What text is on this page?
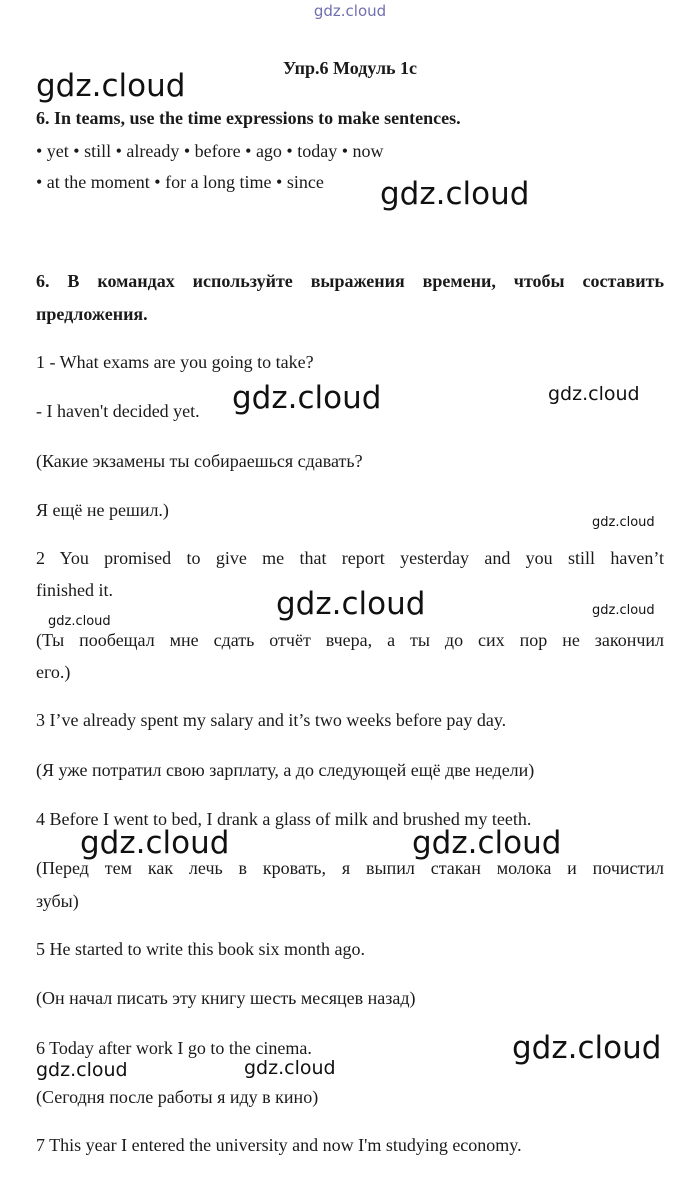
gdz.cloud
Упр.6 Модуль 1с
6. In teams, use the time expressions to make sentences.
• yet • still • already • before • ago • today • now
• at the moment • for a long time • since
6. В командах используйте выражения времени, чтобы составить
предложения.
1 - What exams are you going to take?
- I haven't decided yet.
(Какие экзамены ты собираешься сдавать?
Я ещё не решил.)
2 You promised to give me that report yesterday and you still haven’t
finished it.
(Ты пообещал мне сдать отчёт вчера, а ты до сих пор не закончил
его.)
3 I’ve already spent my salary and it’s two weeks before pay day.
(Я уже потратил свою зарплату, а до следующей ещё две недели)
4 Before I went to bed, I drank a glass of milk and brushed my teeth.
(Перед тем как лечь в кровать, я выпил стакан молока и почистил
зубы)
5 He started to write this book six month ago.
(Он начал писать эту книгу шесть месяцев назад)
6 Today after work I go to the cinema.
(Сегодня после работы я иду в кино)
7 This year I entered the university and now I'm studying economy.
gdz.cloud
gdz.cloud
gdz.cloud	gdz.cloud
gdz.cloud
gdz.cloud	gdz.cloud
gdz.cloud
gdz.cloud	gdz.cloud
gdz.cloud
gdz.cloud
gdz.cloud
